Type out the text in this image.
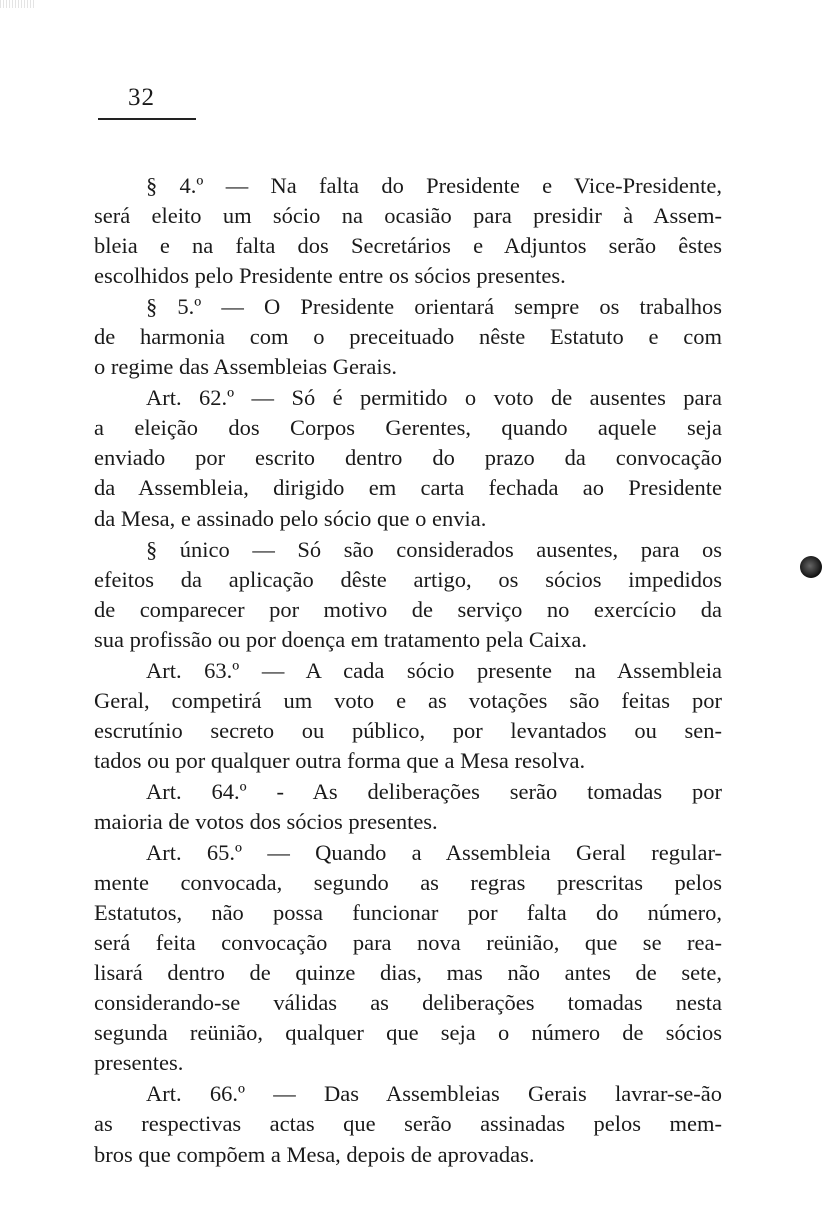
32
§ 4.º — Na falta do Presidente e Vice-Presidente,
será eleito um sócio na ocasião para presidir à Assem-
bleia e na falta dos Secretários e Adjuntos serão êstes
escolhidos pelo Presidente entre os sócios presentes.
§ 5.º — O Presidente orientará sempre os trabalhos
de harmonia com o preceituado nêste Estatuto e com
o regime das Assembleias Gerais.
Art. 62.º — Só é permitido o voto de ausentes para
a eleição dos Corpos Gerentes, quando aquele seja
enviado por escrito dentro do prazo da convocação
da Assembleia, dirigido em carta fechada ao Presidente
da Mesa, e assinado pelo sócio que o envia.
§ único — Só são considerados ausentes, para os
efeitos da aplicação dêste artigo, os sócios impedidos
de comparecer por motivo de serviço no exercício da
sua profissão ou por doença em tratamento pela Caixa.
Art. 63.º — A cada sócio presente na Assembleia
Geral, competirá um voto e as votações são feitas por
escrutínio secreto ou público, por levantados ou sen-
tados ou por qualquer outra forma que a Mesa resolva.
Art. 64.º - As deliberações serão tomadas por
maioria de votos dos sócios presentes.
Art. 65.º — Quando a Assembleia Geral regular-
mente convocada, segundo as regras prescritas pelos
Estatutos, não possa funcionar por falta do número,
será feita convocação para nova reünião, que se rea-
lisará dentro de quinze dias, mas não antes de sete,
considerando-se válidas as deliberações tomadas nesta
segunda reünião, qualquer que seja o número de sócios
presentes.
Art. 66.º — Das Assembleias Gerais lavrar-se-ão
as respectivas actas que serão assinadas pelos mem-
bros que compõem a Mesa, depois de aprovadas.
